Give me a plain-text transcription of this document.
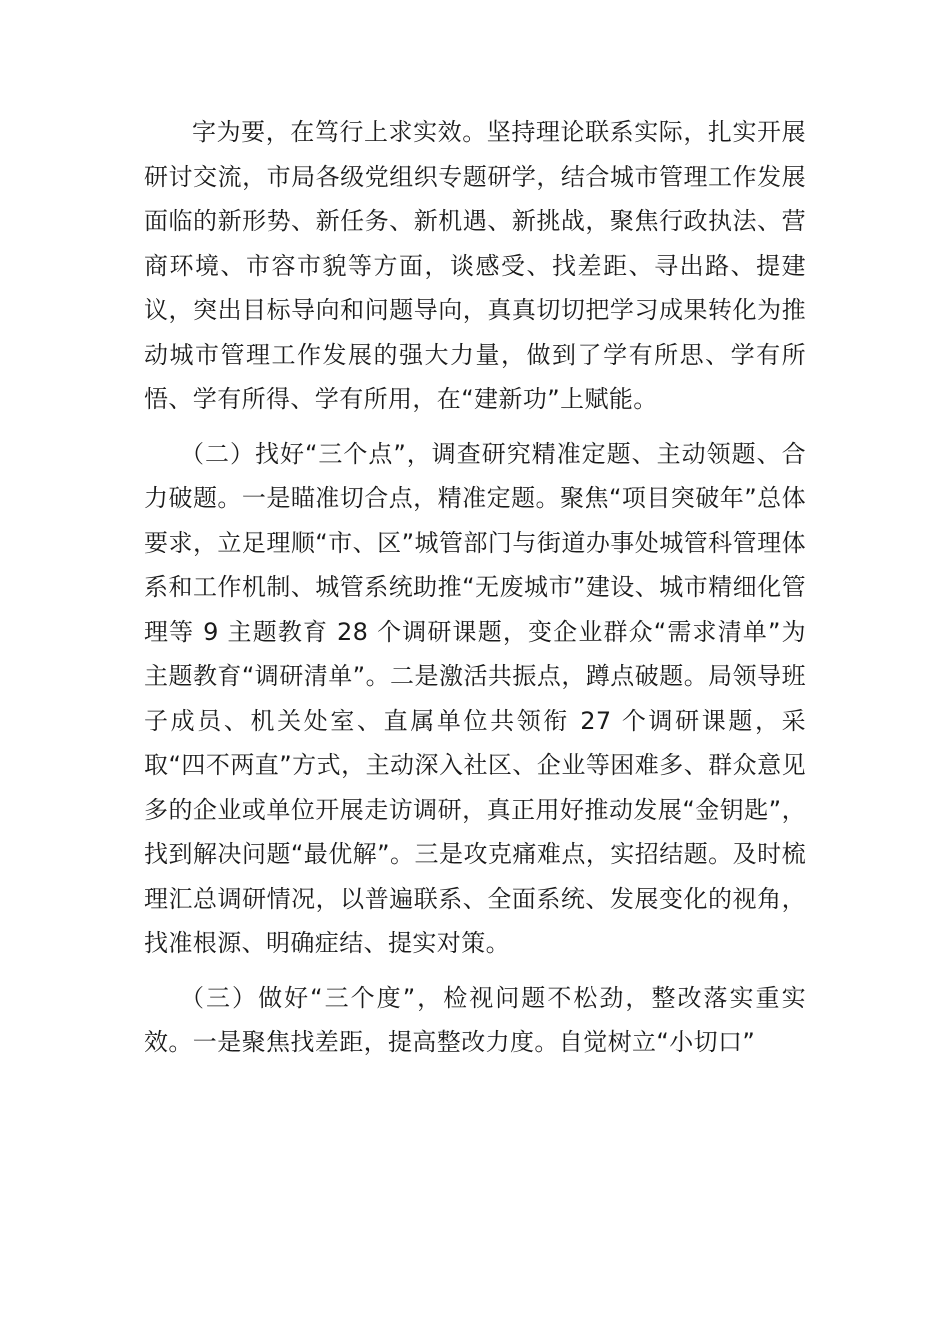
字为要，在笃行上求实效。坚持理论联系实际，扎实开展研讨交流，市局各级党组织专题研学，结合城市管理工作发展面临的新形势、新任务、新机遇、新挑战，聚焦行政执法、营商环境、市容市貌等方面，谈感受、找差距、寻出路、提建议，突出目标导向和问题导向，真真切切把学习成果转化为推动城市管理工作发展的强大力量，做到了学有所思、学有所悟、学有所得、学有所用，在“建新功”上赋能。

（二）找好“三个点”，调查研究精准定题、主动领题、合力破题。一是瞄准切合点，精准定题。聚焦“项目突破年”总体要求，立足理顺“市、区”城管部门与街道办事处城管科管理体系和工作机制、城管系统助推“无废城市”建设、城市精细化管理等 9 主题教育 28 个调研课题，变企业群众“需求清单”为主题教育“调研清单”。二是激活共振点，蹲点破题。局领导班子成员、机关处室、直属单位共领衔 27 个调研课题，采取“四不两直”方式，主动深入社区、企业等困难多、群众意见多的企业或单位开展走访调研，真正用好推动发展“金钥匙”，找到解决问题“最优解”。三是攻克痛难点，实招结题。及时梳理汇总调研情况，以普遍联系、全面系统、发展变化的视角，找准根源、明确症结、提实对策。

（三）做好“三个度”，检视问题不松劲，整改落实重实效。一是聚焦找差距，提高整改力度。自觉树立“小切口”
